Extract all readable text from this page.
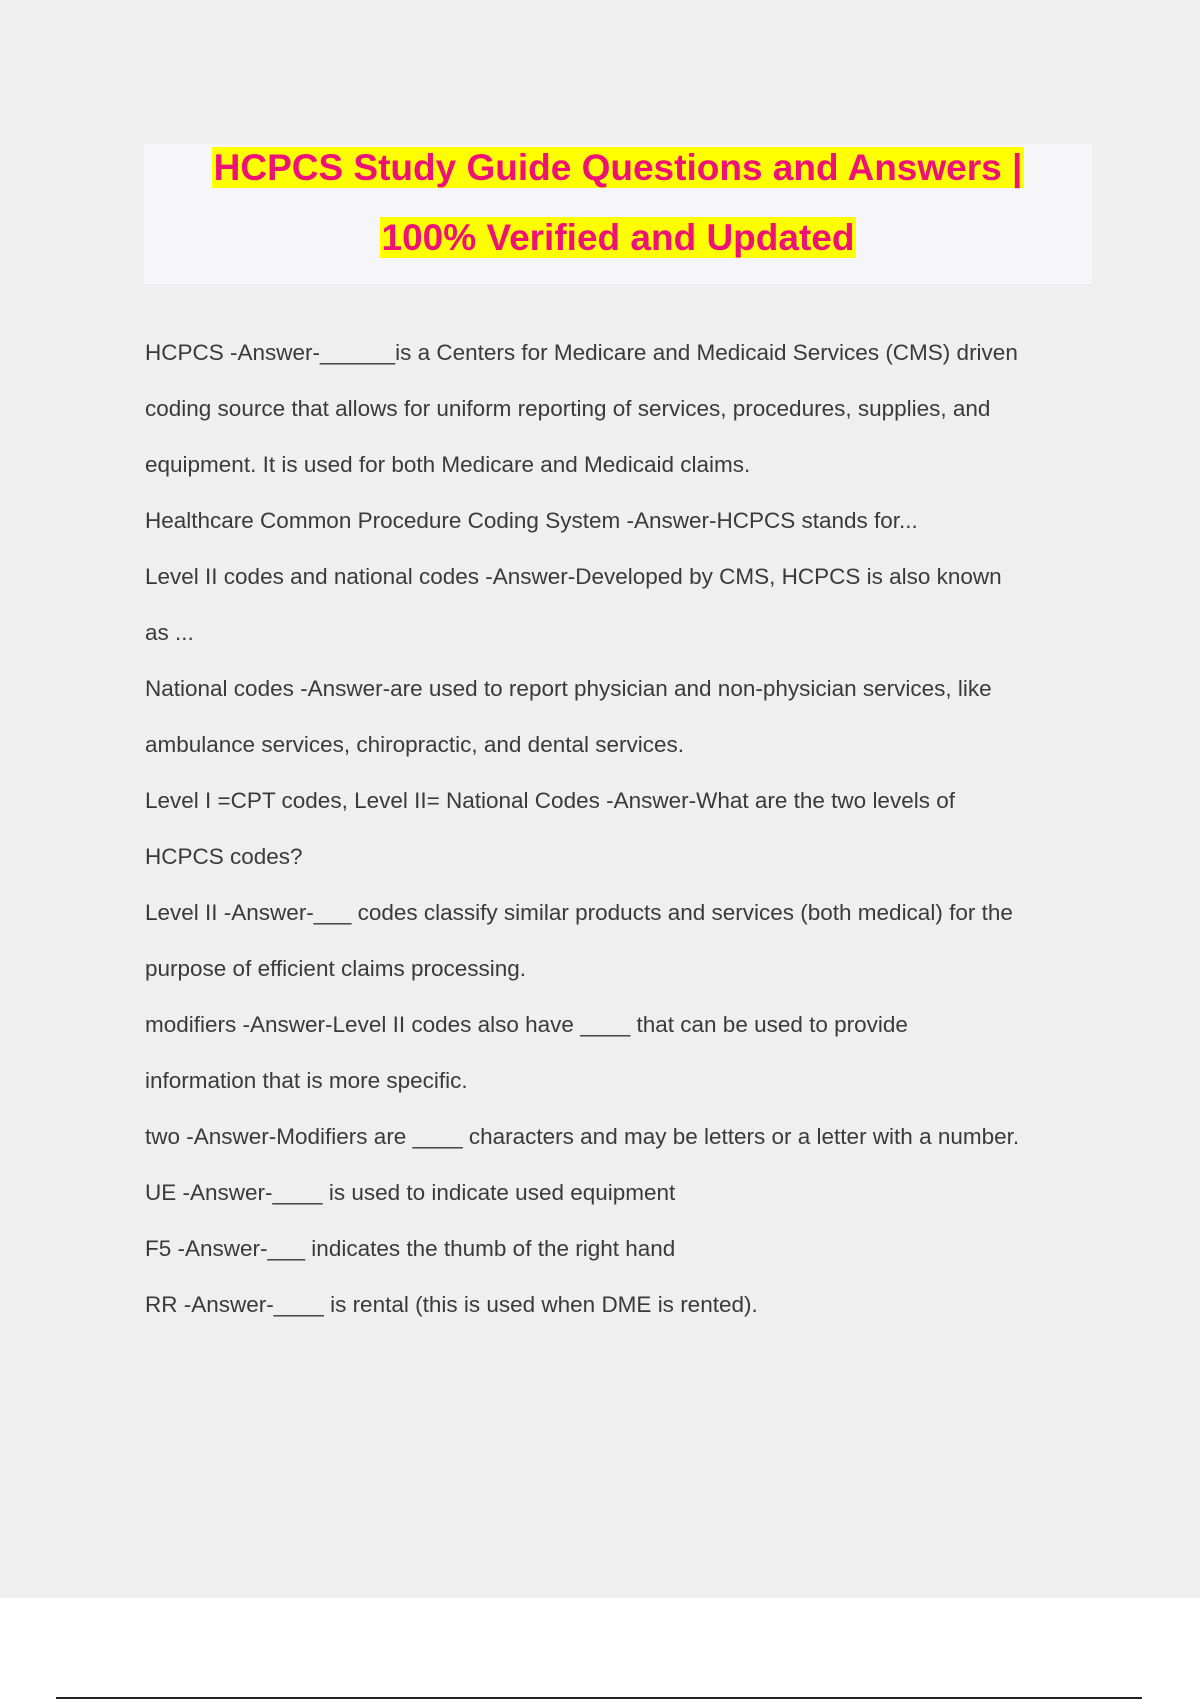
HCPCS Study Guide Questions and Answers |
100% Verified and Updated

HCPCS -Answer-______is a Centers for Medicare and Medicaid Services (CMS) driven

coding source that allows for uniform reporting of services, procedures, supplies, and

equipment. It is used for both Medicare and Medicaid claims.

Healthcare Common Procedure Coding System -Answer-HCPCS stands for...

Level II codes and national codes -Answer-Developed by CMS, HCPCS is also known

as ...

National codes -Answer-are used to report physician and non-physician services, like

ambulance services, chiropractic, and dental services.

Level I =CPT codes, Level II= National Codes -Answer-What are the two levels of

HCPCS codes?

Level II -Answer-___ codes classify similar products and services (both medical) for the

purpose of efficient claims processing.

modifiers -Answer-Level II codes also have ____ that can be used to provide

information that is more specific.

two -Answer-Modifiers are ____ characters and may be letters or a letter with a number.

UE -Answer-____ is used to indicate used equipment

F5 -Answer-___ indicates the thumb of the right hand

RR -Answer-____ is rental (this is used when DME is rented).
